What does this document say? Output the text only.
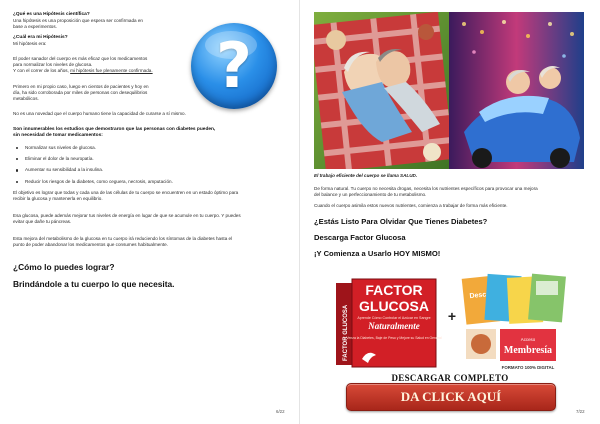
¿Qué es una Hipótesis científica?

Una hipótesis es una proposición que espera ser confirmada en
base a experimentos.

¿Cuál era mi Hipótesis?

Mi hipótesis era:

El poder sanador del cuerpo es más eficaz que los medicamentos
para normalizar los niveles de glucosa.
Y con el correr de los años, mi hipótesis fue plenamente confirmada.

Primero en mi propio caso, luego en cientos de pacientes y hoy en
día, ha sido corroborada por miles de personas con desequilibrios
metabólicos.

No es una novedad que el cuerpo humano tiene la capacidad de curarse a sí mismo.

Son innumerables los estudios que demostraron que las personas con diabetes pueden,
sin necesidad de tomar medicamentos:

Normalizar sus niveles de glucosa.
Eliminar el dolor de la neuropatía.
Aumentar su sensibilidad a la insulina.
Reducir los riesgos de la diabetes, como ceguera, necrosis, amputación.

El objetivo es lograr que todas y cada una de las células de tu cuerpo se encuentren en un estado óptimo para
recibir la glucosa y mantenerla en equilibrio.

Esa glucosa, puede además mejorar tus niveles de energía en lugar de que se acumule en tu cuerpo. Y puedes
evitar que dañe tu páncreas.

Esta mejora del metabolismo de la glucosa en tu cuerpo irá reduciendo los síntomas de la diabetes hasta el
punto de poder abandonar los medicamentos que consumes habitualmente.

¿Cómo lo puedes lograr?

Brindándole a tu cuerpo lo que necesita.

?
6/22

El trabajo eficiente del cuerpo se llama SALUD.

De forma natural. Tu cuerpo no necesita drogas, necesita los nutrientes específicos para provocar una mejora
del balance y un perfeccionamiento de tu metabolismo.

Cuando el cuerpo asimila estos nuevos nutrientes, comienza a trabajar de forma más eficiente.

¿Estás Listo Para Olvidar Que Tienes Diabetes?

Descarga Factor Glucosa

¡Y Comienza a Usarlo HOY MISMO!

FACTOR GLUCOSA
FACTOR
GLUCOSA
Aprende Cómo Controlar el Azúcar en Sangre
Naturalmente
Venza la Diabetes, Baje de Peso y Mejore su Salud en General
+
Desc
Acceso
Membresía
FORMATO 100% DIGITAL

DESCARGAR COMPLETO

DA CLICK AQUÍ
7/22
